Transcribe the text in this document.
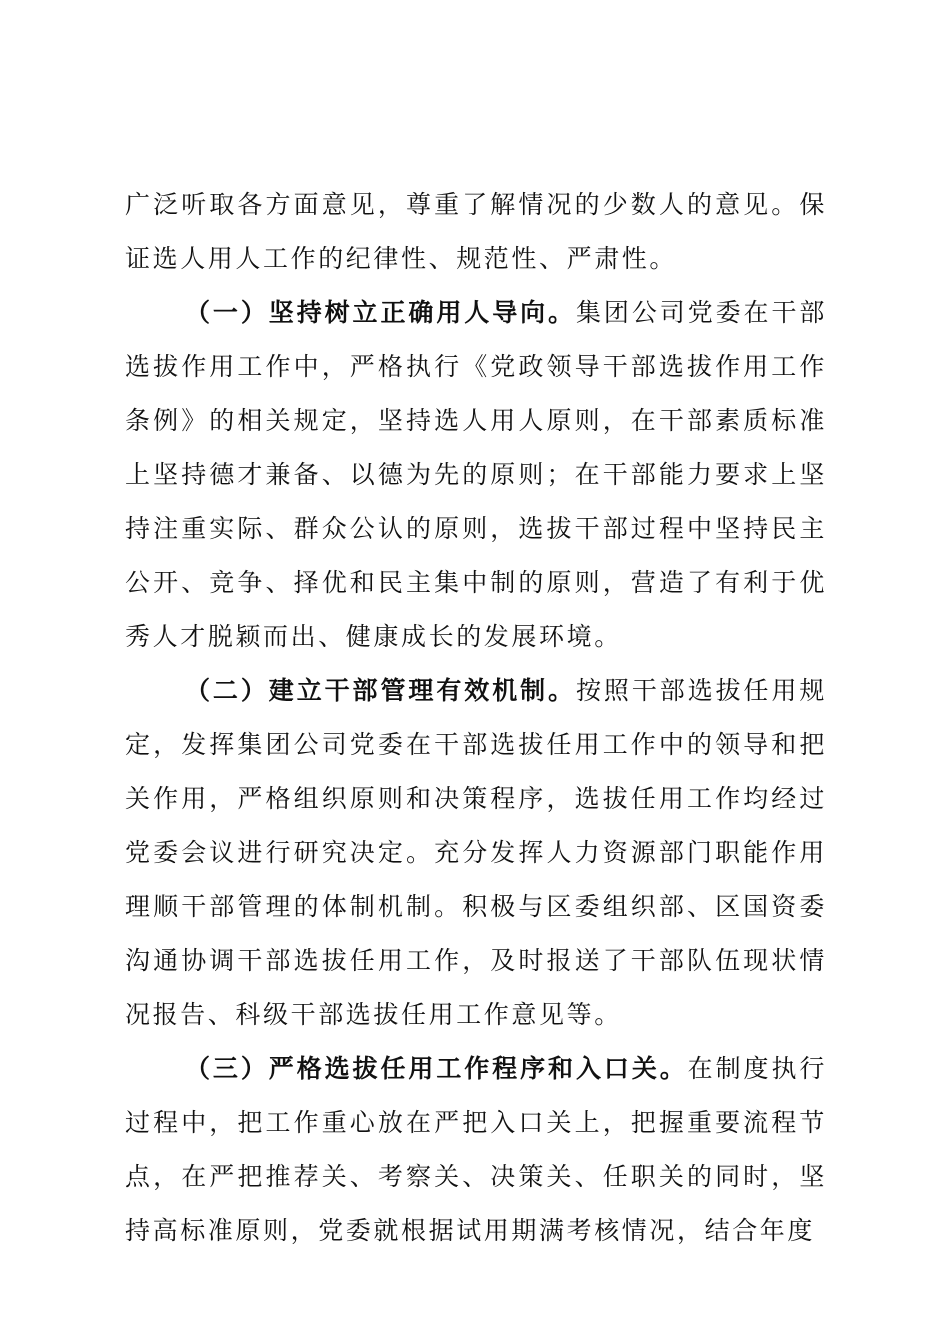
广泛听取各方面意见，尊重了解情况的少数人的意见。保证选人用人工作的纪律性、规范性、严肃性。

（一）坚持树立正确用人导向。集团公司党委在干部选拔作用工作中，严格执行《党政领导干部选拔作用工作条例》的相关规定，坚持选人用人原则，在干部素质标准上坚持德才兼备、以德为先的原则；在干部能力要求上坚持注重实际、群众公认的原则，选拔干部过程中坚持民主公开、竞争、择优和民主集中制的原则，营造了有利于优秀人才脱颖而出、健康成长的发展环境。

（二）建立干部管理有效机制。按照干部选拔任用规定，发挥集团公司党委在干部选拔任用工作中的领导和把关作用，严格组织原则和决策程序，选拔任用工作均经过党委会议进行研究决定。充分发挥人力资源部门职能作用理顺干部管理的体制机制。积极与区委组织部、区国资委沟通协调干部选拔任用工作，及时报送了干部队伍现状情况报告、科级干部选拔任用工作意见等。

（三）严格选拔任用工作程序和入口关。在制度执行过程中，把工作重心放在严把入口关上，把握重要流程节点，在严把推荐关、考察关、决策关、任职关的同时，坚持高标准原则，党委就根据试用期满考核情况，结合年度
